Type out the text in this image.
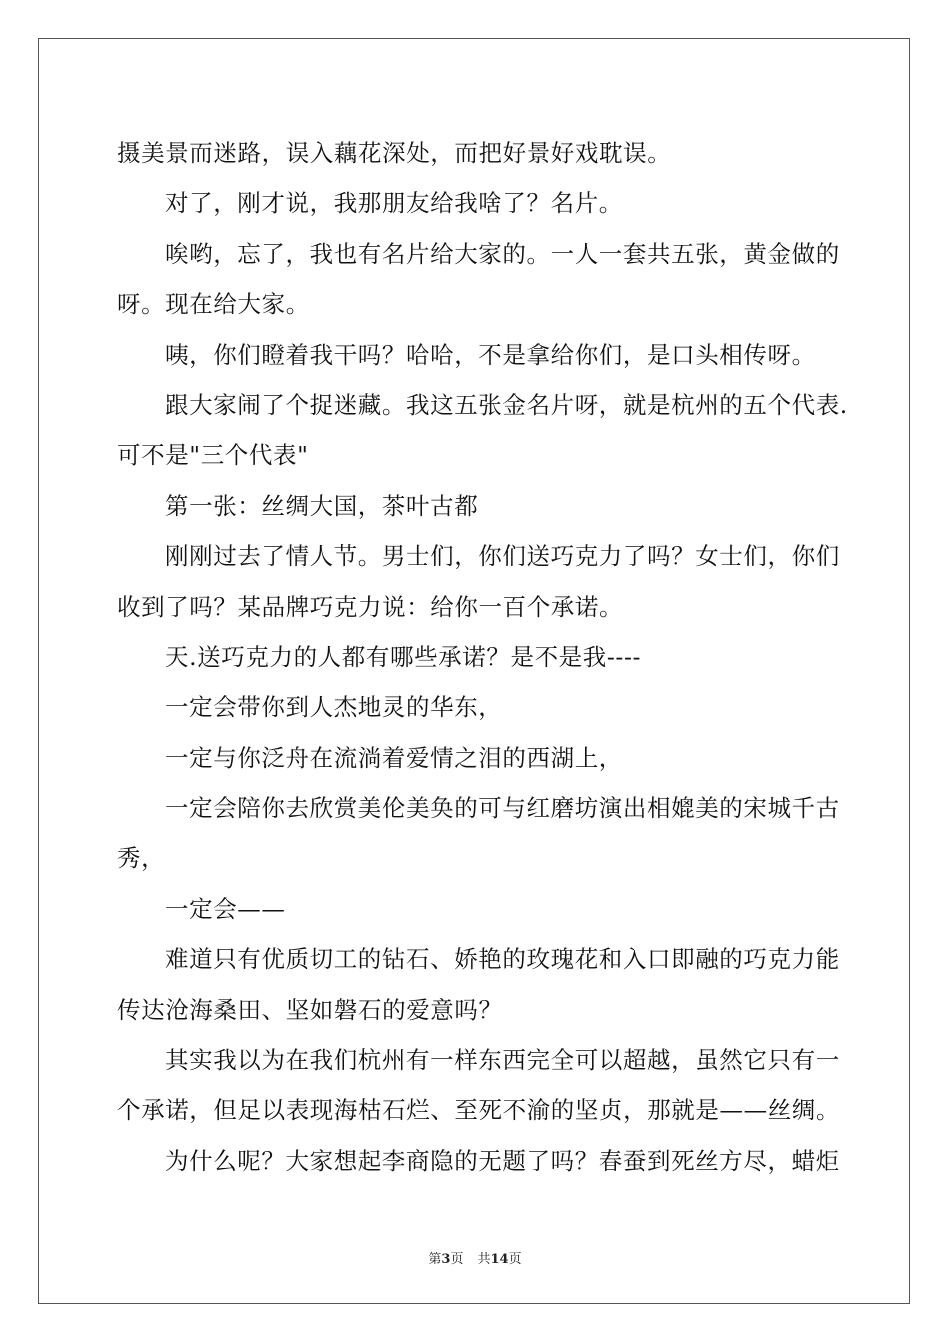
摄美景而迷路，误入藕花深处，而把好景好戏耽误。
对了，刚才说，我那朋友给我啥了？名片。
唉哟，忘了，我也有名片给大家的。一人一套共五张，黄金做的
呀。现在给大家。
咦，你们瞪着我干吗？哈哈，不是拿给你们，是口头相传呀。
跟大家闹了个捉迷藏。我这五张金名片呀，就是杭州的五个代表.
可不是"三个代表"
第一张：丝绸大国，茶叶古都
刚刚过去了情人节。男士们，你们送巧克力了吗？女士们，你们
收到了吗？某品牌巧克力说：给你一百个承诺。
天.送巧克力的人都有哪些承诺？是不是我----
一定会带你到人杰地灵的华东，
一定与你泛舟在流淌着爱情之泪的西湖上，
一定会陪你去欣赏美伦美奂的可与红磨坊演出相媲美的宋城千古
秀，
一定会——
难道只有优质切工的钻石、娇艳的玫瑰花和入口即融的巧克力能
传达沧海桑田、坚如磐石的爱意吗？
其实我以为在我们杭州有一样东西完全可以超越，虽然它只有一
个承诺，但足以表现海枯石烂、至死不渝的坚贞，那就是——丝绸。
为什么呢？大家想起李商隐的无题了吗？春蚕到死丝方尽，蜡炬
第3页 共14页
